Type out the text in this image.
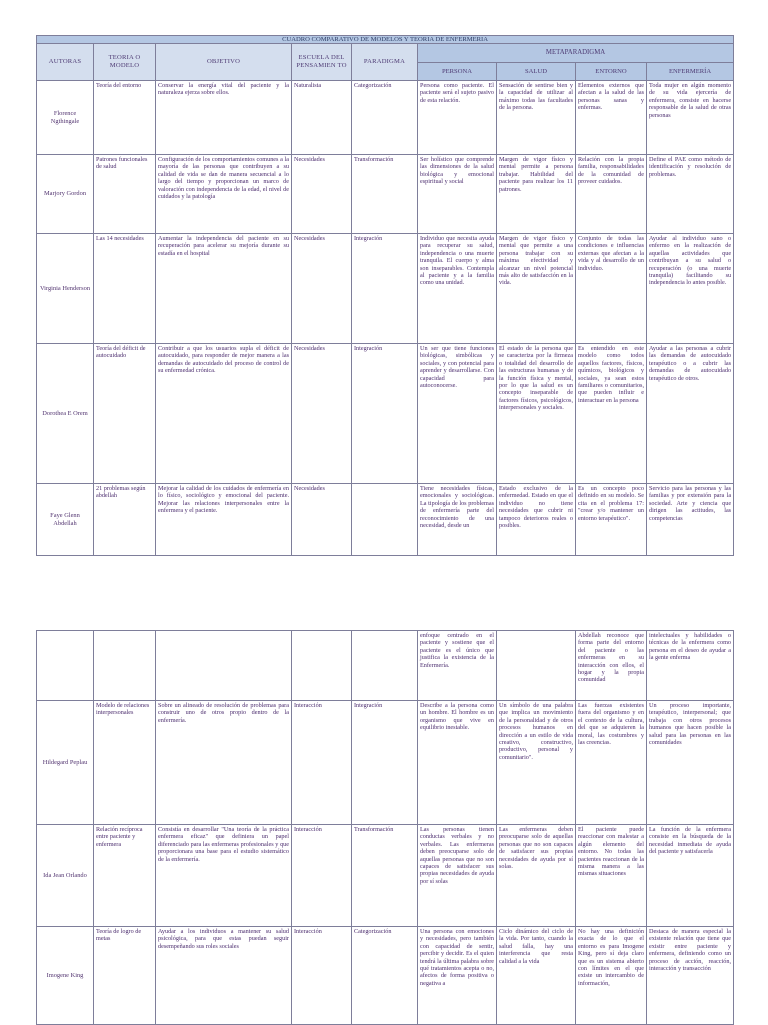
CUADRO COMPARATIVO DE MODELOS Y TEORIA DE ENFERMERIA								
AUTORAS	TEORIA O MODELO	OBJETIVO	ESCUELA DEL PENSAMIEN TO	PARADIGMA	METAPARADIGMA			
					PERSONA	SALUD	ENTORNO	ENFERMERÍA
Florence Ngthingale	Teoría del entorno	Conservar la energía vital del paciente y la naturaleza ejerza sobre ellos.	Naturalista	Categorización	Persona como paciente. El paciente será el sujeto pasivo de esta relación.	Sensación de sentirse bien y la capacidad de utilizar al máximo todas las facultades de la persona.	Elementos externos que afectan a la salud de las personas sanas y enfermas.	Toda mujer en algún momento de su vida ejercería de enfermera, consiste en hacerse responsable de la salud de otras personas
Marjory Gordon	Patrones funcionales de salud	Configuración de los comportamientos comunes a la mayoría de las personas que contribuyen a su calidad de vida se dan de manera secuencial a lo largo del tiempo y proporcionan un marco de valoración con independencia de la edad, el nivel de cuidados y la patología	Necesidades	Transformación	Ser holístico que comprende las dimensiones de la salud biológica y emocional espiritual y social	Margen de vigor físico y mental permite a persona trabajar. Habilidad del paciente para realizar los 11 patrones.	Relación con la propia familia, responsabilidades de la comunidad de proveer cuidados.	Define el PAE como método de identificación y resolución de problemas.
Virginia Henderson	Las 14 necesidades	Aumentar la independencia del paciente en su recuperación para acelerar su mejoría durante su estadía en el hospital	Necesidades	Integración	Individuo que necesita ayuda para recuperar su salud, independencia o una muerte tranquila. El cuerpo y alma son inseparables. Contempla al paciente y a la familia como una unidad.	Margen de vigor físico y mental que permite a una persona trabajar con su máxima efectividad y alcanzar un nivel potencial más alto de satisfacción en la vida.	Conjunto de todas las condiciones e influencias externas que afectan a la vida y al desarrollo de un individuo.	Ayudar al individuo sano o enfermo en la realización de aquellas actividades que contribuyan a su salud o recuperación (o una muerte tranquila) facilitando su independencia lo antes posible.
Dorothea E Orem	Teoría del déficit de autocuidado	Contribuir a que los usuarios supla el déficit de autocuidado, para responder de mejor manera a las demandas de autocuidado del proceso de control de su enfermedad crónica.	Necesidades	Integración	Un ser que tiene funciones biológicas, simbólicas y sociales, y con potencial para aprender y desarrollarse. Con capacidad para autoconocerse.	El estado de la persona que se caracteriza por la firmeza o totalidad del desarrollo de las estructuras humanas y de la función física y mental, por lo que la salud es un concepto inseparable de factores físicos, psicológicos, interpersonales y sociales.	Es entendido en este modelo como todos aquellos factores, físicos, químicos, biológicos y sociales, ya sean estos familiares o comunitarios, que pueden influir e interactuar en la persona	Ayudar a las personas a cubrir las demandas de autocuidado terapéutico o a cubrir las demandas de autocuidado terapéutico de otros.
Faye Glenn Abdellah	21 problemas según abdellah	Mejorar la calidad de los cuidados de enfermería en lo físico, sociológico y emocional del paciente. Mejorar las relaciones interpersonales entre la enfermera y el paciente.	Necesidades		Tiene necesidades físicas, emocionales y sociológicas. La tipología de los problemas de enfermería parte del reconocimiento de una necesidad, desde un	Estado exclusivo de la enfermedad. Estado en que el individuo no tiene necesidades que cubrir ni tampoco deterioros reales o posibles.	Es un concepto poco definido en su modelo. Se cita en el problema 17: "crear y/o mantener un entorno terapéutico".	Servicio para las personas y las familias y por extensión para la sociedad. Arte y ciencia que dirigen las actitudes, las competencias
					enfoque centrado en el paciente y sostiene que el paciente es el único que justifica la existencia de la Enfermería.		Abdellah reconoce que forma parte del entorno del paciente o las enfermeras en su interacción con ellos, el hogar y la propia comunidad	intelectuales y habilidades o técnicas de la enfermera como persona en el deseo de ayudar a la gente enferma
Hildegard Peplau	Modelo de relaciones interpersonales	Sobre un alineado de resolución de problemas para construir uno de otros propio dentro de la enfermería.	Interacción	Integración	Describe a la persona como un hombre. El hombre es un organismo que vive en equilibrio inestable.	Un símbolo de una palabra que implica un movimiento de la personalidad y de otros procesos humanos en dirección a un estilo de vida creativo, constructivo, productivo, personal y comunitario".	Las fuerzas existentes fuera del organismo y en el contexto de la cultura, del que se adquieren la moral, las costumbres y las creencias.	Un proceso importante, terapéutico, interpersonal; que trabaja con otros procesos humanos que hacen posible la salud para las personas en las comunidades
Ida Jean Orlando	Relación recíproca entre paciente y enfermera	Consistía en desarrollar "Una teoría de la práctica enfermera eficaz" que definiera un papel diferenciado para las enfermeras profesionales y que proporcionara una base para el estudio sistemático de la enfermería.	Interacción	Transformación	Las personas tienen conductas verbales y no verbales. Las enfermeras deben preocuparse solo de aquellas personas que no son capaces de satisfacer sus propias necesidades de ayuda por sí solas	Las enfermeras deben preocuparse solo de aquellas personas que no son capaces de satisfacer sus propias necesidades de ayuda por sí solas.	El paciente puede reaccionar con malestar a algún elemento del entorno. No todas las pacientes reaccionan de la misma manera a las mismas situaciones	La función de la enfermera consiste en la búsqueda de la necesidad inmediata de ayuda del paciente y satisfacerla
Imogene King	Teoría de logro de metas	Ayudar a los individuos a mantener su salud psicológica, para que estas puedan seguir desempeñando sus roles sociales	Interacción	Categorización	Una persona con emociones y necesidades, pero también con capacidad de sentir, percibir y decidir. Es el quien tendrá la última palabra sobre qué tratamientos acepta o no, afectos de forma positiva o negativa a	Ciclo dinámico del ciclo de la vida. Por tanto, cuando la salud falla, hay una interferencia que resta calidad a la vida	No hay una definición exacta de lo que el entorno es para Imogene King, pero sí deja claro que es un sistema abierto con límites en el que existe un intercambio de información,	Destaca de manera especial la existente relación que tiene que existir entre paciente y enfermera, definiendo como un proceso de acción, reacción, interacción y transacción
